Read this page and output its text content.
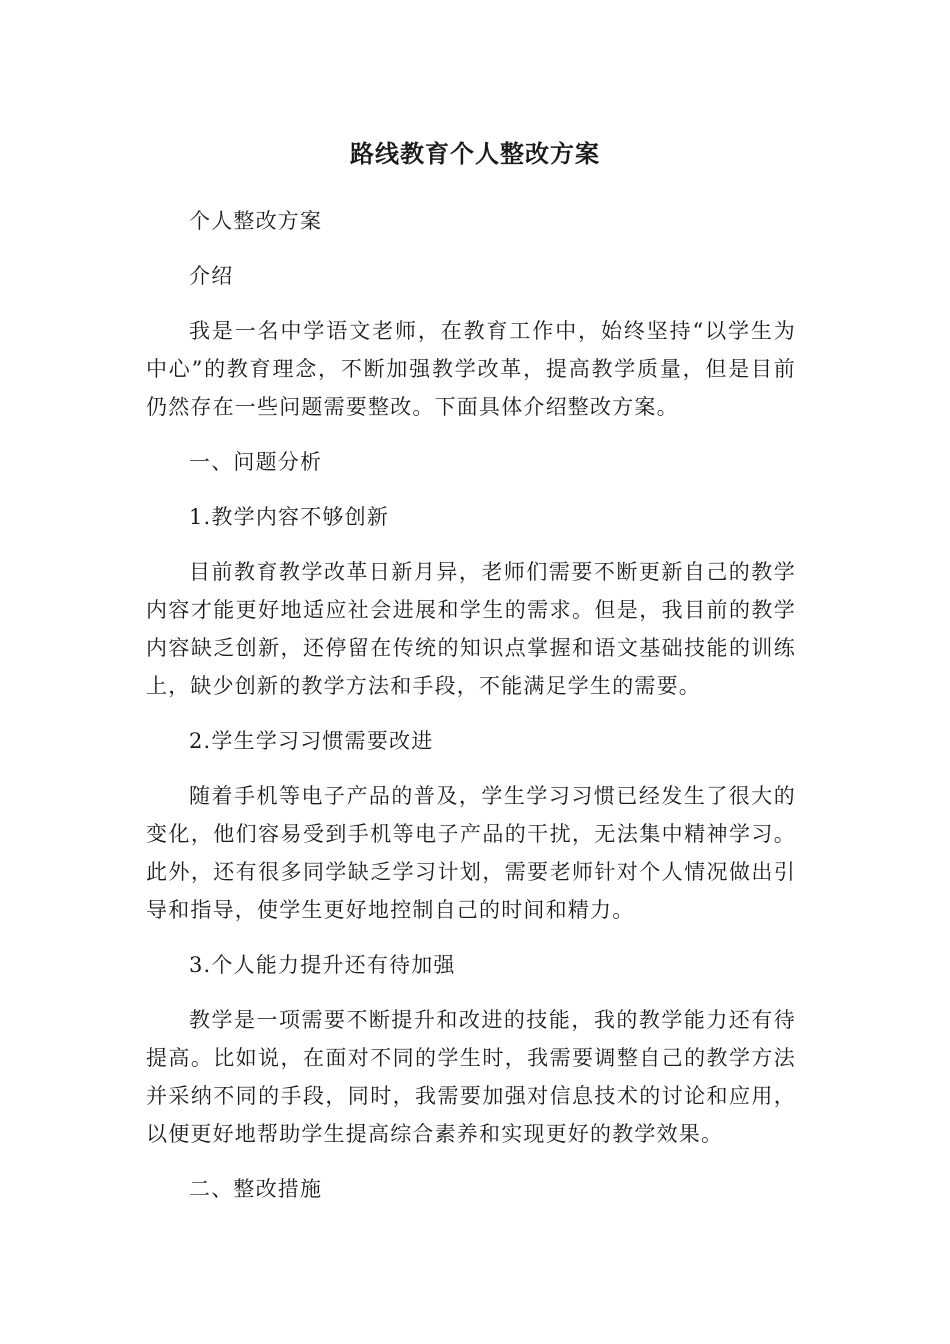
路线教育个人整改方案

个人整改方案

介绍

我是一名中学语文老师，在教育工作中，始终坚持“以学生为中心”的教育理念，不断加强教学改革，提高教学质量，但是目前仍然存在一些问题需要整改。下面具体介绍整改方案。

一、问题分析

1.教学内容不够创新

目前教育教学改革日新月异，老师们需要不断更新自己的教学内容才能更好地适应社会进展和学生的需求。但是，我目前的教学内容缺乏创新，还停留在传统的知识点掌握和语文基础技能的训练上，缺少创新的教学方法和手段，不能满足学生的需要。

2.学生学习习惯需要改进

随着手机等电子产品的普及，学生学习习惯已经发生了很大的变化，他们容易受到手机等电子产品的干扰，无法集中精神学习。此外，还有很多同学缺乏学习计划，需要老师针对个人情况做出引导和指导，使学生更好地控制自己的时间和精力。

3.个人能力提升还有待加强

教学是一项需要不断提升和改进的技能，我的教学能力还有待提高。比如说，在面对不同的学生时，我需要调整自己的教学方法并采纳不同的手段，同时，我需要加强对信息技术的讨论和应用，以便更好地帮助学生提高综合素养和实现更好的教学效果。

二、整改措施
